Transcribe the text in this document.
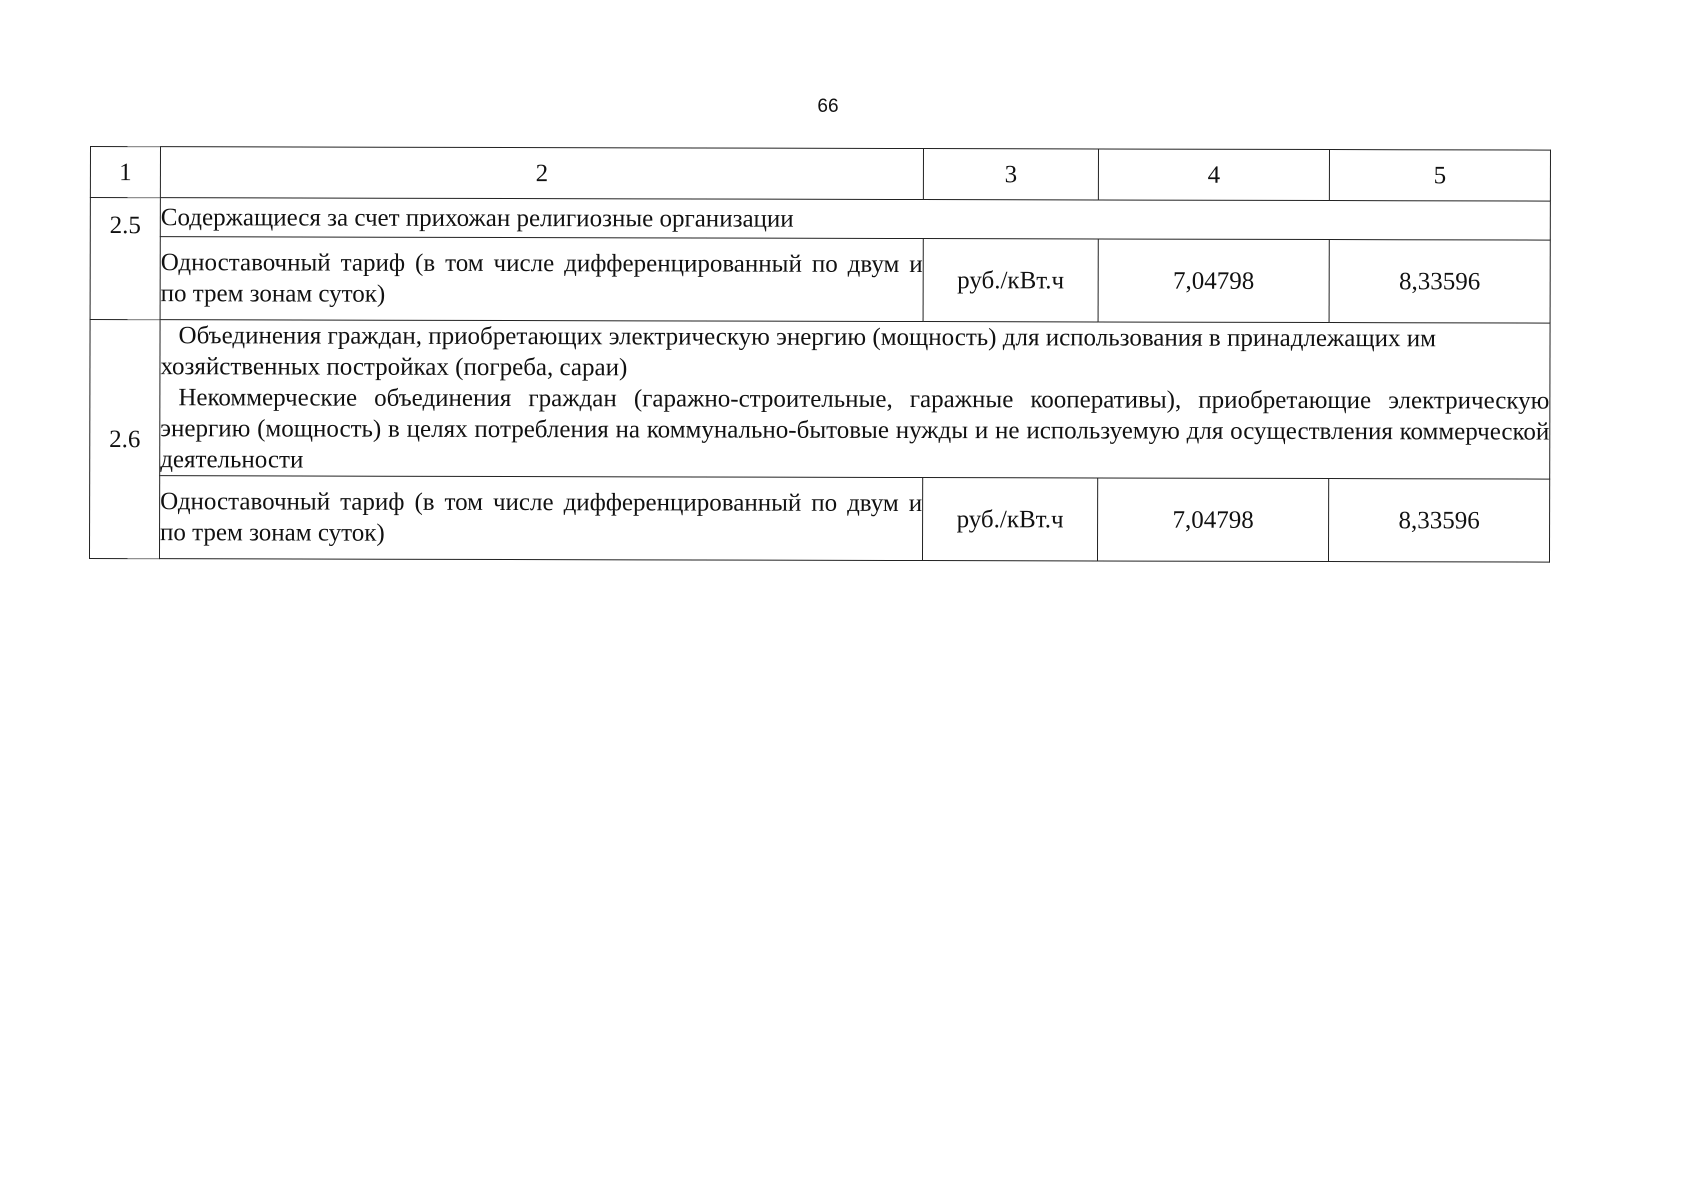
66
1	2	3	4	5
2.5	Содержащиеся за счет прихожан религиозные организации			
	Одноставочный тариф (в том числе дифференцированный по двум и по трем зонам суток)	руб./кВт.ч	7,04798	8,33596
2.6	Объединения граждан, приобретающих электрическую энергию (мощность) для использования в принадлежащих им хозяйственных постройках (погреба, сараи)
Некоммерческие объединения граждан (гаражно-строительные, гаражные кооперативы), приобретающие электрическую энергию (мощность) в целях потребления на коммунально-бытовые нужды и не используемую для осуществления коммерческой деятельности			

	Одноставочный тариф (в том числе дифференцированный по двум и по трем зонам суток)	руб./кВт.ч	7,04798	8,33596
